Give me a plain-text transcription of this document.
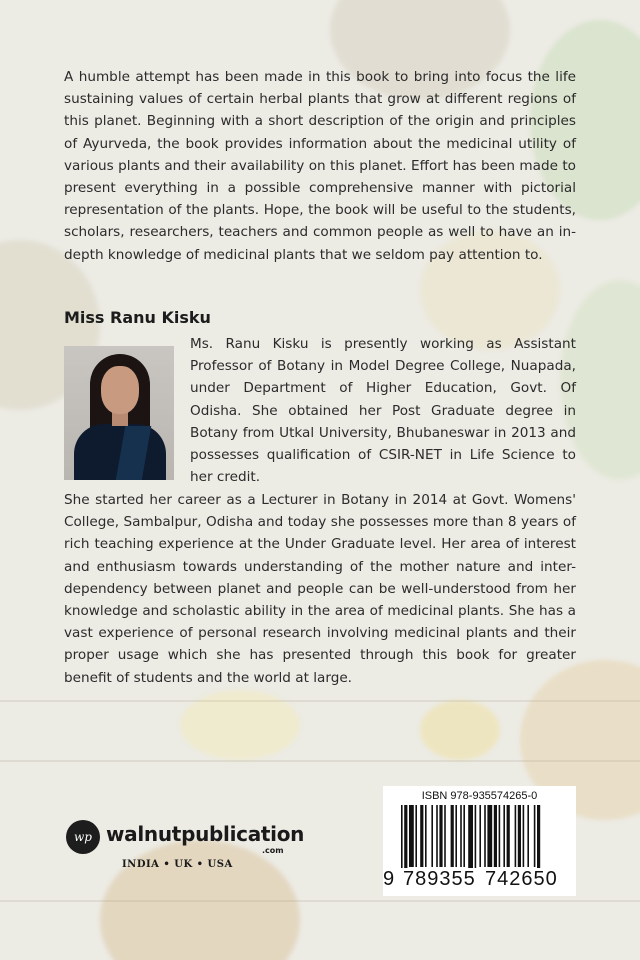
A humble attempt has been made in this book to bring into focus the life sustaining values of certain herbal plants that grow at different regions of this planet. Beginning with a short description of the origin and principles of Ayurveda, the book provides information about the medicinal utility of various plants and their availability on this planet. Effort has been made to present everything in a possible comprehensive manner with pictorial representation of the plants. Hope, the book will be useful to the students, scholars, researchers, teachers and common people as well to have an in-depth knowledge of medicinal plants that we seldom pay attention to.

Miss Ranu Kisku

Ms. Ranu Kisku is presently working as Assistant Professor of Botany in Model Degree College, Nuapada, under Department of Higher Education, Govt. Of Odisha. She obtained her Post Graduate degree in Botany from Utkal University, Bhubaneswar in 2013 and possesses qualification of CSIR-NET in Life Science to her credit.

She started her career as a Lecturer in Botany in 2014 at Govt. Womens' College, Sambalpur, Odisha and today she possesses more than 8 years of rich teaching experience at the Under Graduate level. Her area of interest and enthusiasm towards understanding of the mother nature and inter-dependency between planet and people can be well-understood from her knowledge and scholastic ability in the area of medicinal plants. She has a vast experience of personal research involving medicinal plants and their proper usage which she has presented through this book for greater benefit of students and the world at large.

wp walnutpublication
.com
INDIA • UK • USA
ISBN 978-935574265-0
9 789355 742650
